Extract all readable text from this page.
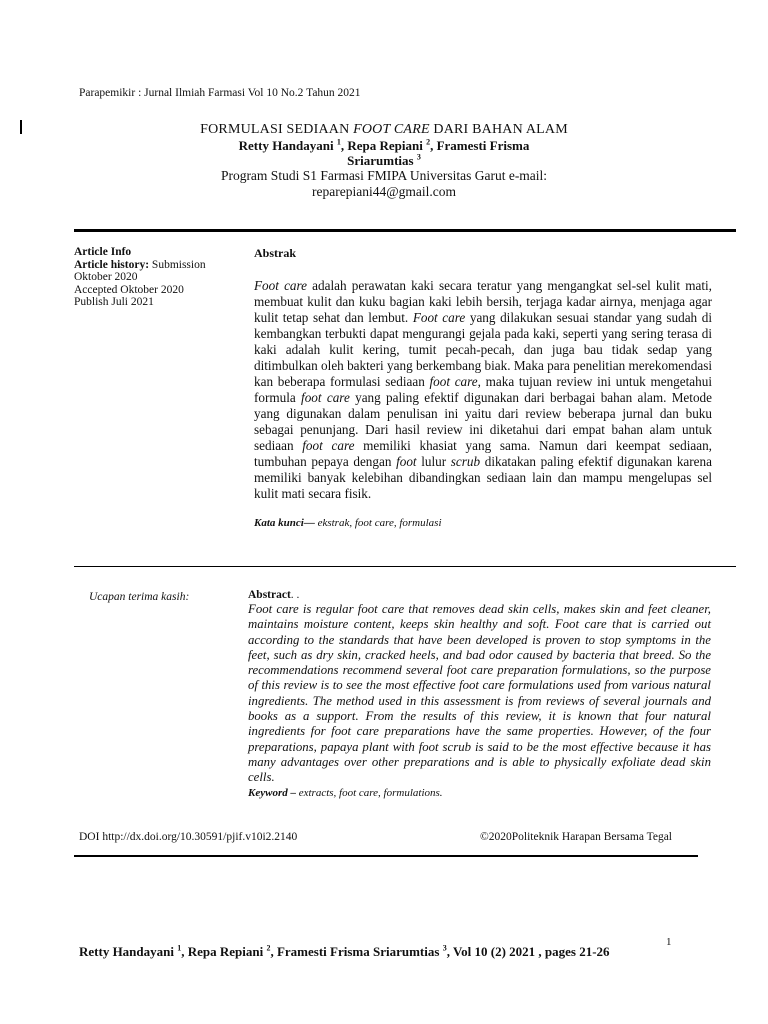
Parapemikir : Jurnal Ilmiah Farmasi Vol 10 No.2 Tahun 2021
FORMULASI SEDIAAN FOOT CARE DARI BAHAN ALAM
Retty Handayani $^1$, Repa Repiani $^2$, Framesti Frisma
Sriarumtias $^3$
Program Studi S1 Farmasi FMIPA Universitas Garut e-mail:
reparepiani44@gmail.com
Article Info
Article history: Submission Oktober 2020
Accepted Oktober 2020
Publish Juli 2021
Abstrak
Foot care adalah perawatan kaki secara teratur yang mengangkat sel-sel kulit mati, membuat kulit dan kuku bagian kaki lebih bersih, terjaga kadar airnya, menjaga agar kulit tetap sehat dan lembut. Foot care yang dilakukan sesuai standar yang sudah di kembangkan terbukti dapat mengurangi gejala pada kaki, seperti yang sering terasa di kaki adalah kulit kering, tumit pecah-pecah, dan juga bau tidak sedap yang ditimbulkan oleh bakteri yang berkembang biak. Maka para penelitian merekomendasi kan beberapa formulasi sediaan foot care, maka tujuan review ini untuk mengetahui formula foot care yang paling efektif digunakan dari berbagai bahan alam. Metode yang digunakan dalam penulisan ini yaitu dari review beberapa jurnal dan buku sebagai penunjang. Dari hasil review ini diketahui dari empat bahan alam untuk sediaan foot care memiliki khasiat yang sama. Namun dari keempat sediaan, tumbuhan pepaya dengan foot lulur scrub dikatakan paling efektif digunakan karena memiliki banyak kelebihan dibandingkan sediaan lain dan mampu mengelupas sel kulit mati secara fisik.
Kata kunci— ekstrak, foot care, formulasi
Ucapan terima kasih:	Abstract. .
Foot care is regular foot care that removes dead skin cells, makes skin and feet cleaner, maintains moisture content, keeps skin healthy and soft. Foot care that is carried out according to the standards that have been developed is proven to stop symptoms in the feet, such as dry skin, cracked heels, and bad odor caused by bacteria that breed. So the recommendations recommend several foot care preparation formulations, so the purpose of this review is to see the most effective foot care formulations used from various natural ingredients. The method used in this assessment is from reviews of several journals and books as a support. From the results of this review, it is known that four natural ingredients for foot care preparations have the same properties. However, of the four preparations, papaya plant with foot scrub is said to be the most effective because it has many advantages over other preparations and is able to physically exfoliate dead skin cells.
Keyword – extracts, foot care, formulations.
DOI http://dx.doi.org/10.30591/pjif.v10i2.2140	©2020Politeknik Harapan Bersama Tegal
Retty Handayani $^1$, Repa Repiani $^2$, Framesti Frisma Sriarumtias $^3$, Vol 10 (2) 2021 , pages 21-26
1
